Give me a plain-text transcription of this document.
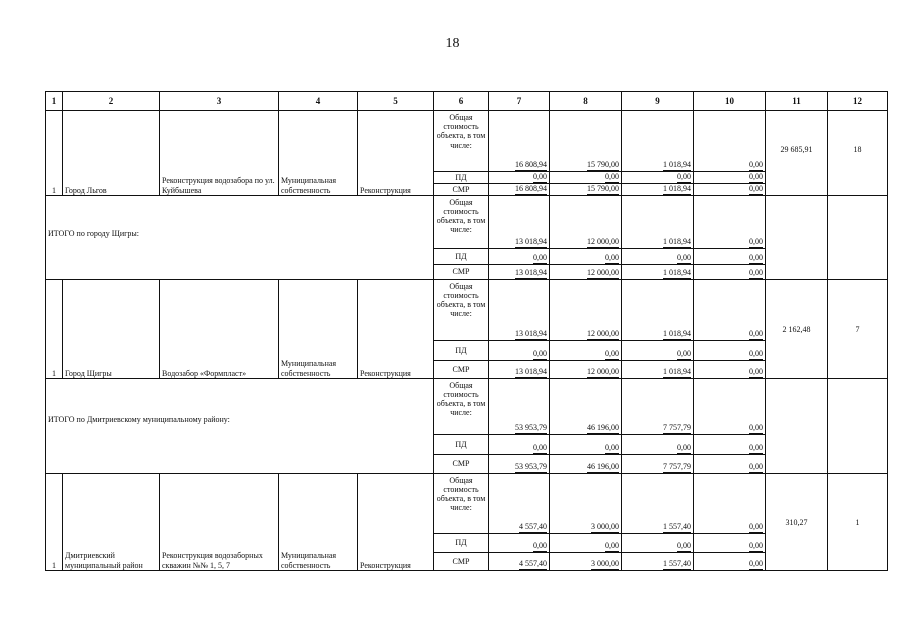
18
1	2	3	4	5	6	7	8	9	10	11	12
1	Город Льгов	Реконструкция водозабора по ул. Куйбышева	Муниципальная собственность	Реконструкция	Общая стоимость объекта, в том числе:	16 808,94	15 790,00	1 018,94	0,00	29 685,91	18
					ПД	0,00	0,00	0,00	0,00		
					СМР	16 808,94	15 790,00	1 018,94	0,00		
ИТОГО по городу Щигры:					Общая стоимость объекта, в том числе:	13 018,94	12 000,00	1 018,94	0,00		
					ПД	0,00	0,00	0,00	0,00		
					СМР	13 018,94	12 000,00	1 018,94	0,00		
1	Город Щигры	Водозабор «Формпласт»	Муниципальная собственность	Реконструкция	Общая стоимость объекта, в том числе:	13 018,94	12 000,00	1 018,94	0,00	2 162,48	7
					ПД	0,00	0,00	0,00	0,00		
					СМР	13 018,94	12 000,00	1 018,94	0,00		
ИТОГО по Дмитриевскому муниципальному району:					Общая стоимость объекта, в том числе:	53 953,79	46 196,00	7 757,79	0,00		
					ПД	0,00	0,00	0,00	0,00		
					СМР	53 953,79	46 196,00	7 757,79	0,00		
1	Дмитриевский муниципальный район	Реконструкция водозаборных скважин №№ 1, 5, 7	Муниципальная собственность	Реконструкция	Общая стоимость объекта, в том числе:	4 557,40	3 000,00	1 557,40	0,00	310,27	1
					ПД	0,00	0,00	0,00	0,00		
					СМР	4 557,40	3 000,00	1 557,40	0,00		
